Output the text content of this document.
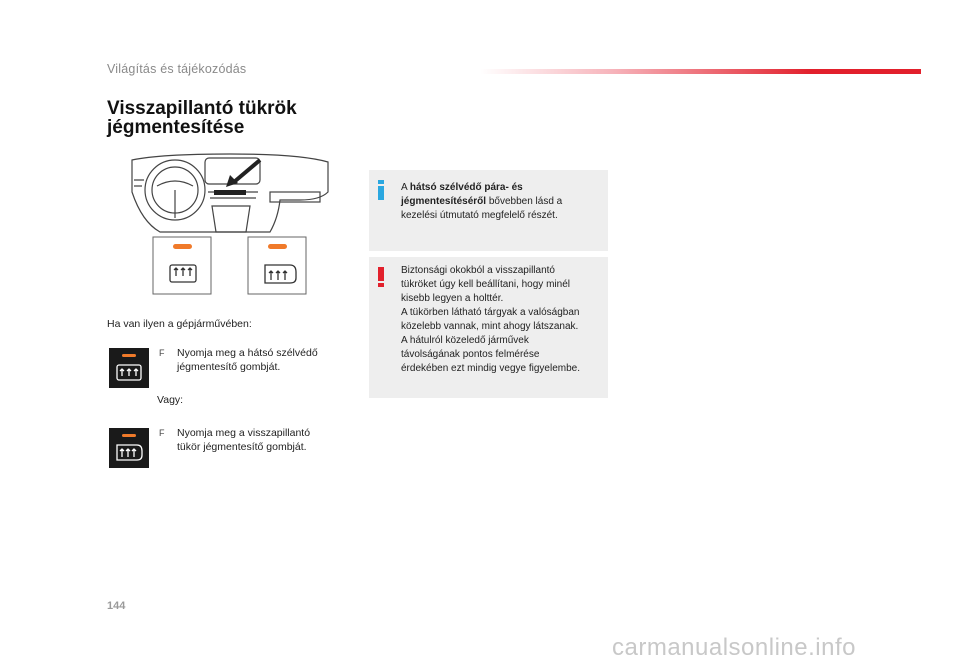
Világítás és tájékozódás
Visszapillantó tükrök
jégmentesítése
Ha van ilyen a gépjárművében:
F Nyomja meg a hátsó szélvédő
jégmentesítő gombját.
Vagy:
F Nyomja meg a visszapillantó
tükör jégmentesítő gombját.
A hátsó szélvédő pára- és
jégmentesítéséről bővebben lásd a
kezelési útmutató megfelelő részét.
Biztonsági okokból a visszapillantó
tükröket úgy kell beállítani, hogy minél
kisebb legyen a holttér.
A tükörben látható tárgyak a valóságban
közelebb vannak, mint ahogy látszanak.
A hátulról közeledő járművek
távolságának pontos felmérése
érdekében ezt mindig vegye figyelembe.
144
carmanualsonline.info
